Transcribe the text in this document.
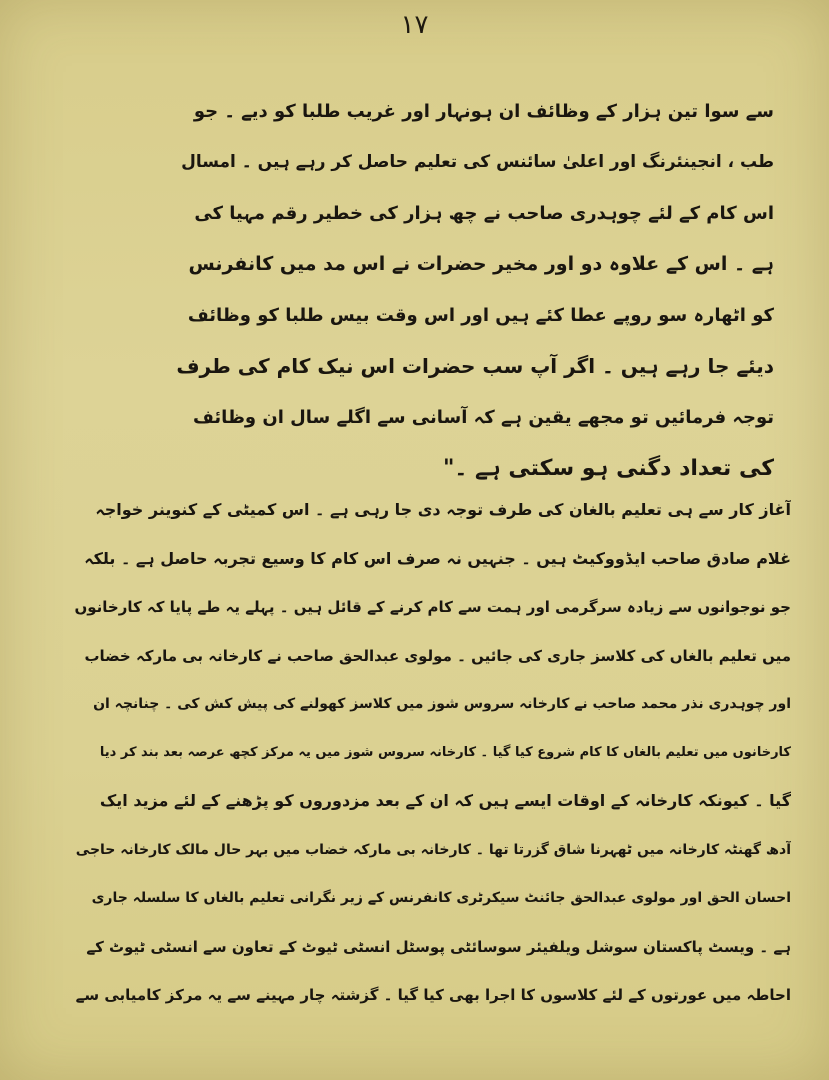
۱۷

سے سوا تین ہزار کے وظائف ان ہونہار اور غریب طلبا کو دیے ۔ جو
طب ، انجینئرنگ اور اعلیٰ سائنس کی تعلیم حاصل کر رہے ہیں ۔ امسال
اس کام کے لئے چوہدری صاحب نے چھ ہزار کی خطیر رقم مہیا کی
ہے ۔ اس کے علاوہ دو اور مخیر حضرات نے اس مد میں کانفرنس
کو اٹھارہ سو روپے عطا کئے ہیں اور اس وقت بیس طلبا کو وظائف
دیئے جا رہے ہیں ۔ اگر آپ سب حضرات اس نیک کام کی طرف
توجہ فرمائیں تو مجھے یقین ہے کہ آسانی سے اگلے سال ان وظائف
کی تعداد دگنی ہو سکتی ہے ۔"
آغاز کار سے ہی تعلیم بالغان کی طرف توجہ دی جا رہی ہے ۔ اس کمیٹی کے کنوینر خواجہ
غلام صادق صاحب ایڈووکیٹ ہیں ۔ جنہیں نہ صرف اس کام کا وسیع تجربہ حاصل ہے ۔ بلکہ
جو نوجوانوں سے زیادہ سرگرمی اور ہمت سے کام کرنے کے قائل ہیں ۔ پہلے یہ طے پایا کہ کارخانوں
میں تعلیم بالغاں کی کلاسز جاری کی جائیں ۔ مولوی عبدالحق صاحب نے کارخانہ بی مارکہ خضاب
اور چوہدری نذر محمد صاحب نے کارخانہ سروس شوز میں کلاسز کھولنے کی پیش کش کی ۔ چنانچہ ان
کارخانوں میں تعلیم بالغاں کا کام شروع کیا گیا ۔ کارخانہ سروس شوز میں یہ مرکز کچھ عرصہ بعد بند کر دیا
گیا ۔ کیونکہ کارخانہ کے اوقات ایسے ہیں کہ ان کے بعد مزدوروں کو پڑھنے کے لئے مزید ایک
آدھ گھنٹہ کارخانہ میں ٹھہرنا شاق گزرتا تھا ۔ کارخانہ بی مارکہ خضاب میں بہر حال مالک کارخانہ حاجی
احسان الحق اور مولوی عبدالحق جائنٹ سیکرٹری کانفرنس کے زیر نگرانی تعلیم بالغاں کا سلسلہ جاری
ہے ۔ ویسٹ پاکستان سوشل ویلفیئر سوسائٹی پوسٹل انسٹی ٹیوٹ کے تعاون سے انسٹی ٹیوٹ کے
احاطہ میں عورتوں کے لئے کلاسوں کا اجرا بھی کیا گیا ۔ گزشتہ چار مہینے سے یہ مرکز کامیابی سے
